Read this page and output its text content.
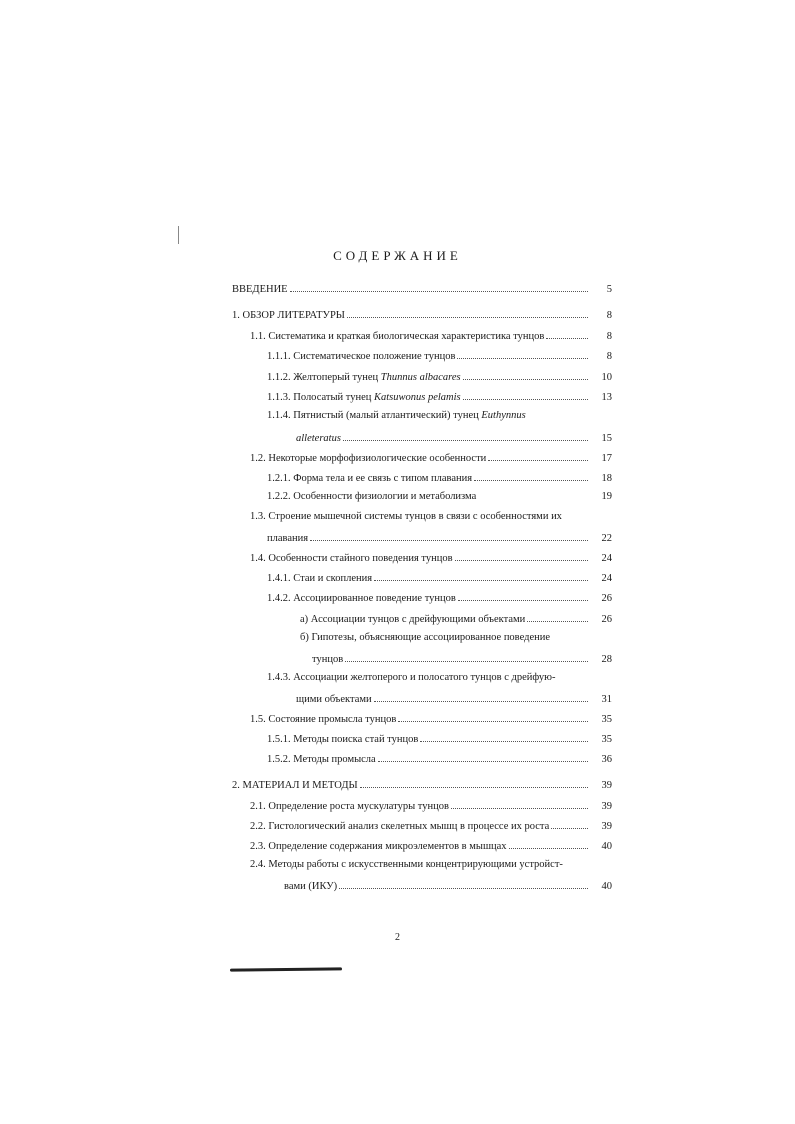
СОДЕРЖАНИЕ
ВВЕДЕНИЕ	5
1. ОБЗОР ЛИТЕРАТУРЫ	8
1.1. Систематика и краткая биологическая характеристика тунцов	8
1.1.1. Систематическое положение тунцов	8
1.1.2. Желтоперый тунец Thunnus albacares	10
1.1.3. Полосатый тунец Katsuwonus pelamis	13
1.1.4. Пятнистый (малый атлантический) тунец Euthynnus
alleteratus	15
1.2. Некоторые морфофизиологические особенности	17
1.2.1. Форма тела и ее связь с типом плавания	18
1.2.2. Особенности физиологии и метаболизма	19
1.3. Строение мышечной системы тунцов в связи с особенностями их
плавания	22
1.4. Особенности стайного поведения тунцов	24
1.4.1. Стаи и скопления	24
1.4.2. Ассоциированное поведение тунцов	26
а) Ассоциации тунцов с дрейфующими объектами	26
б) Гипотезы, объясняющие ассоциированное поведение
тунцов	28
1.4.3. Ассоциации желтоперого и полосатого тунцов с дрейфую-
щими объектами	31
1.5. Состояние промысла тунцов	35
1.5.1. Методы поиска стай тунцов	35
1.5.2. Методы промысла	36
2. МАТЕРИАЛ И МЕТОДЫ	39
2.1. Определение роста мускулатуры тунцов	39
2.2. Гистологический анализ скелетных мышц в процессе их роста	39
2.3. Определение содержания микроэлементов в мышцах	40
2.4. Методы работы с искусственными концентрирующими устройст-
вами (ИКУ)	40
2
